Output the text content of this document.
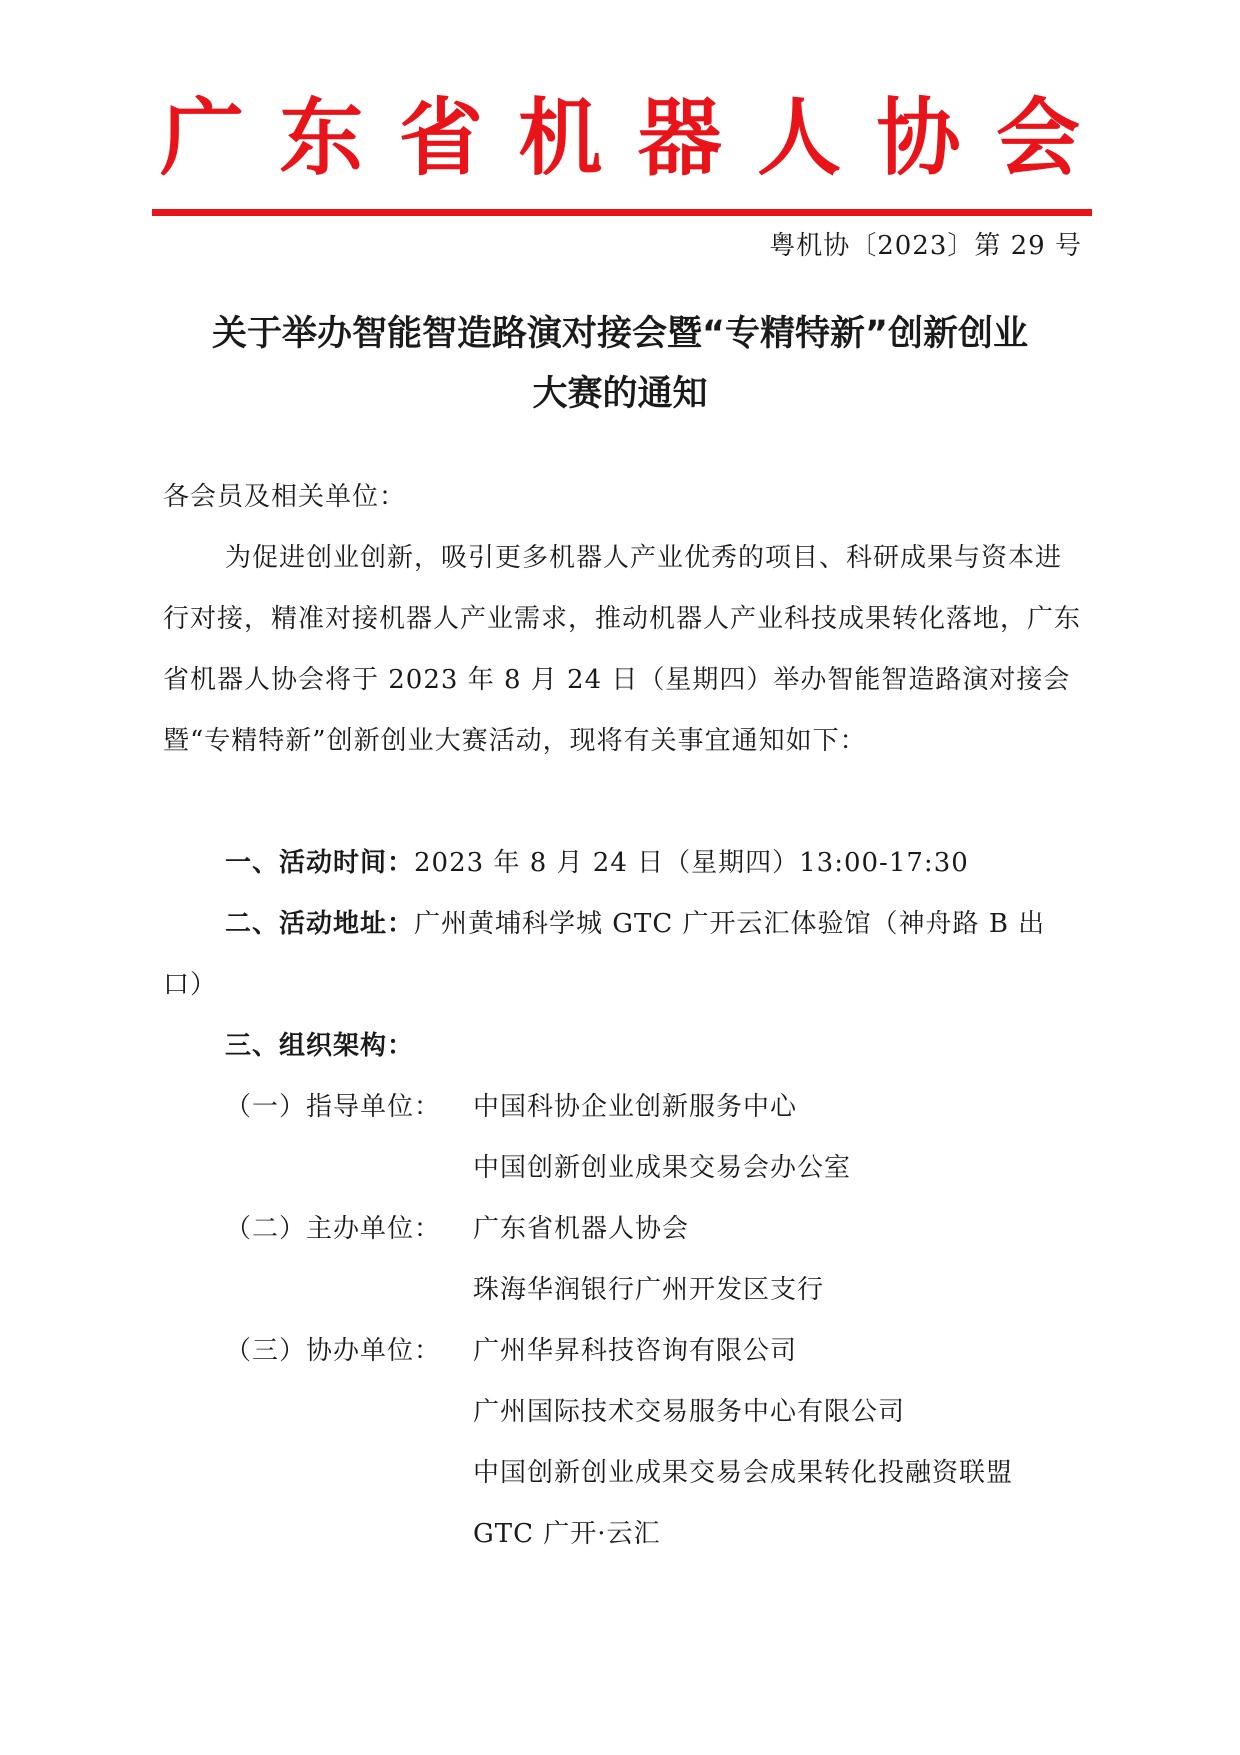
广 东 省 机 器 人 协 会
粤机协〔2023〕第 29 号
关于举办智能智造路演对接会暨“专精特新”创新创业
大赛的通知

各会员及相关单位：

为促进创业创新，吸引更多机器人产业优秀的项目、科研成果与资本进行对接，精准对接机器人产业需求，推动机器人产业科技成果转化落地，广东省机器人协会将于 2023 年 8 月 24 日（星期四）举办智能智造路演对接会暨“专精特新”创新创业大赛活动，现将有关事宜通知如下：

一、活动时间：2023 年 8 月 24 日（星期四）13:00-17:30
二、活动地址：广州黄埔科学城 GTC 广开云汇体验馆（神舟路 B 出口）
三、组织架构：
（一）指导单位：	中国科协企业创新服务中心
中国创新创业成果交易会办公室
（二）主办单位：	广东省机器人协会
珠海华润银行广州开发区支行
（三）协办单位：	广州华昇科技咨询有限公司
广州国际技术交易服务中心有限公司
中国创新创业成果交易会成果转化投融资联盟
GTC 广开·云汇
